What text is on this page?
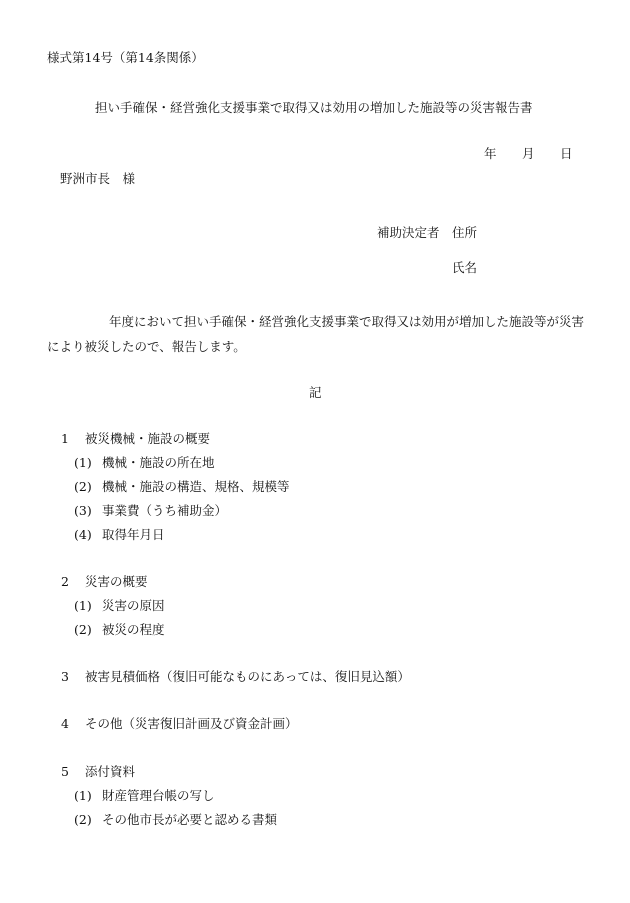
様式第14号（第14条関係）
担い手確保・経営強化支援事業で取得又は効用の増加した施設等の災害報告書
年 月 日
野洲市長　様
補助決定者 住所
氏名
年度において担い手確保・経営強化支援事業で取得又は効用が増加した施設等が災害
により被災したので、報告します。
記
1 被災機械・施設の概要
(1) 機械・施設の所在地
(2) 機械・施設の構造、規格、規模等
(3) 事業費（うち補助金）
(4) 取得年月日
2 災害の概要
(1) 災害の原因
(2) 被災の程度
3 被害見積価格（復旧可能なものにあっては、復旧見込額）
4 その他（災害復旧計画及び資金計画）
5 添付資料
(1) 財産管理台帳の写し
(2) その他市長が必要と認める書類
